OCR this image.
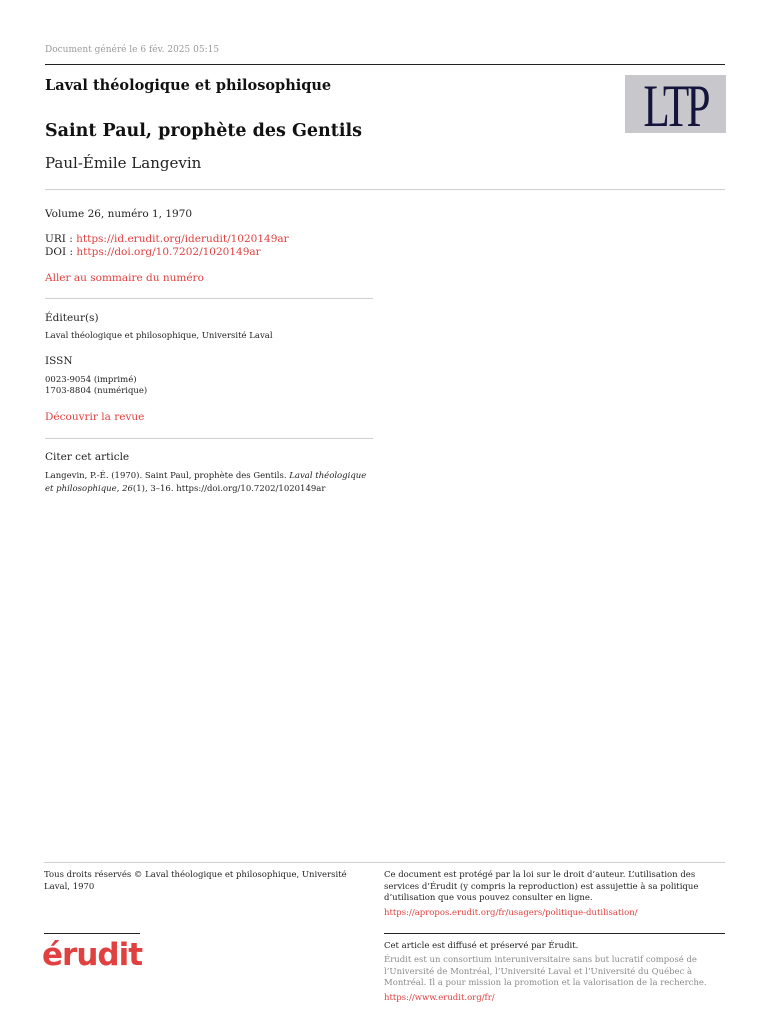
Document généré le 6 fév. 2025 05:15
Laval théologique et philosophique	LTP
Saint Paul, prophète des Gentils
Paul-Émile Langevin
Volume 26, numéro 1, 1970
URI : https://id.erudit.org/iderudit/1020149ar
DOI : https://doi.org/10.7202/1020149ar
Aller au sommaire du numéro
Éditeur(s)
Laval théologique et philosophique, Université Laval
ISSN
0023-9054 (imprimé)
1703-8804 (numérique)
Découvrir la revue
Citer cet article
Langevin, P.-É. (1970). Saint Paul, prophète des Gentils. Laval théologique et philosophique, 26(1), 3–16. https://doi.org/10.7202/1020149ar
Tous droits réservés © Laval théologique et philosophique, Université Laval, 1970
Ce document est protégé par la loi sur le droit d’auteur. L’utilisation des services d’Érudit (y compris la reproduction) est assujettie à sa politique d’utilisation que vous pouvez consulter en ligne.
https://apropos.erudit.org/fr/usagers/politique-dutilisation/
érudit	Cet article est diffusé et préservé par Érudit.
Érudit est un consortium interuniversitaire sans but lucratif composé de l’Université de Montréal, l’Université Laval et l’Université du Québec à Montréal. Il a pour mission la promotion et la valorisation de la recherche.
https://www.erudit.org/fr/
